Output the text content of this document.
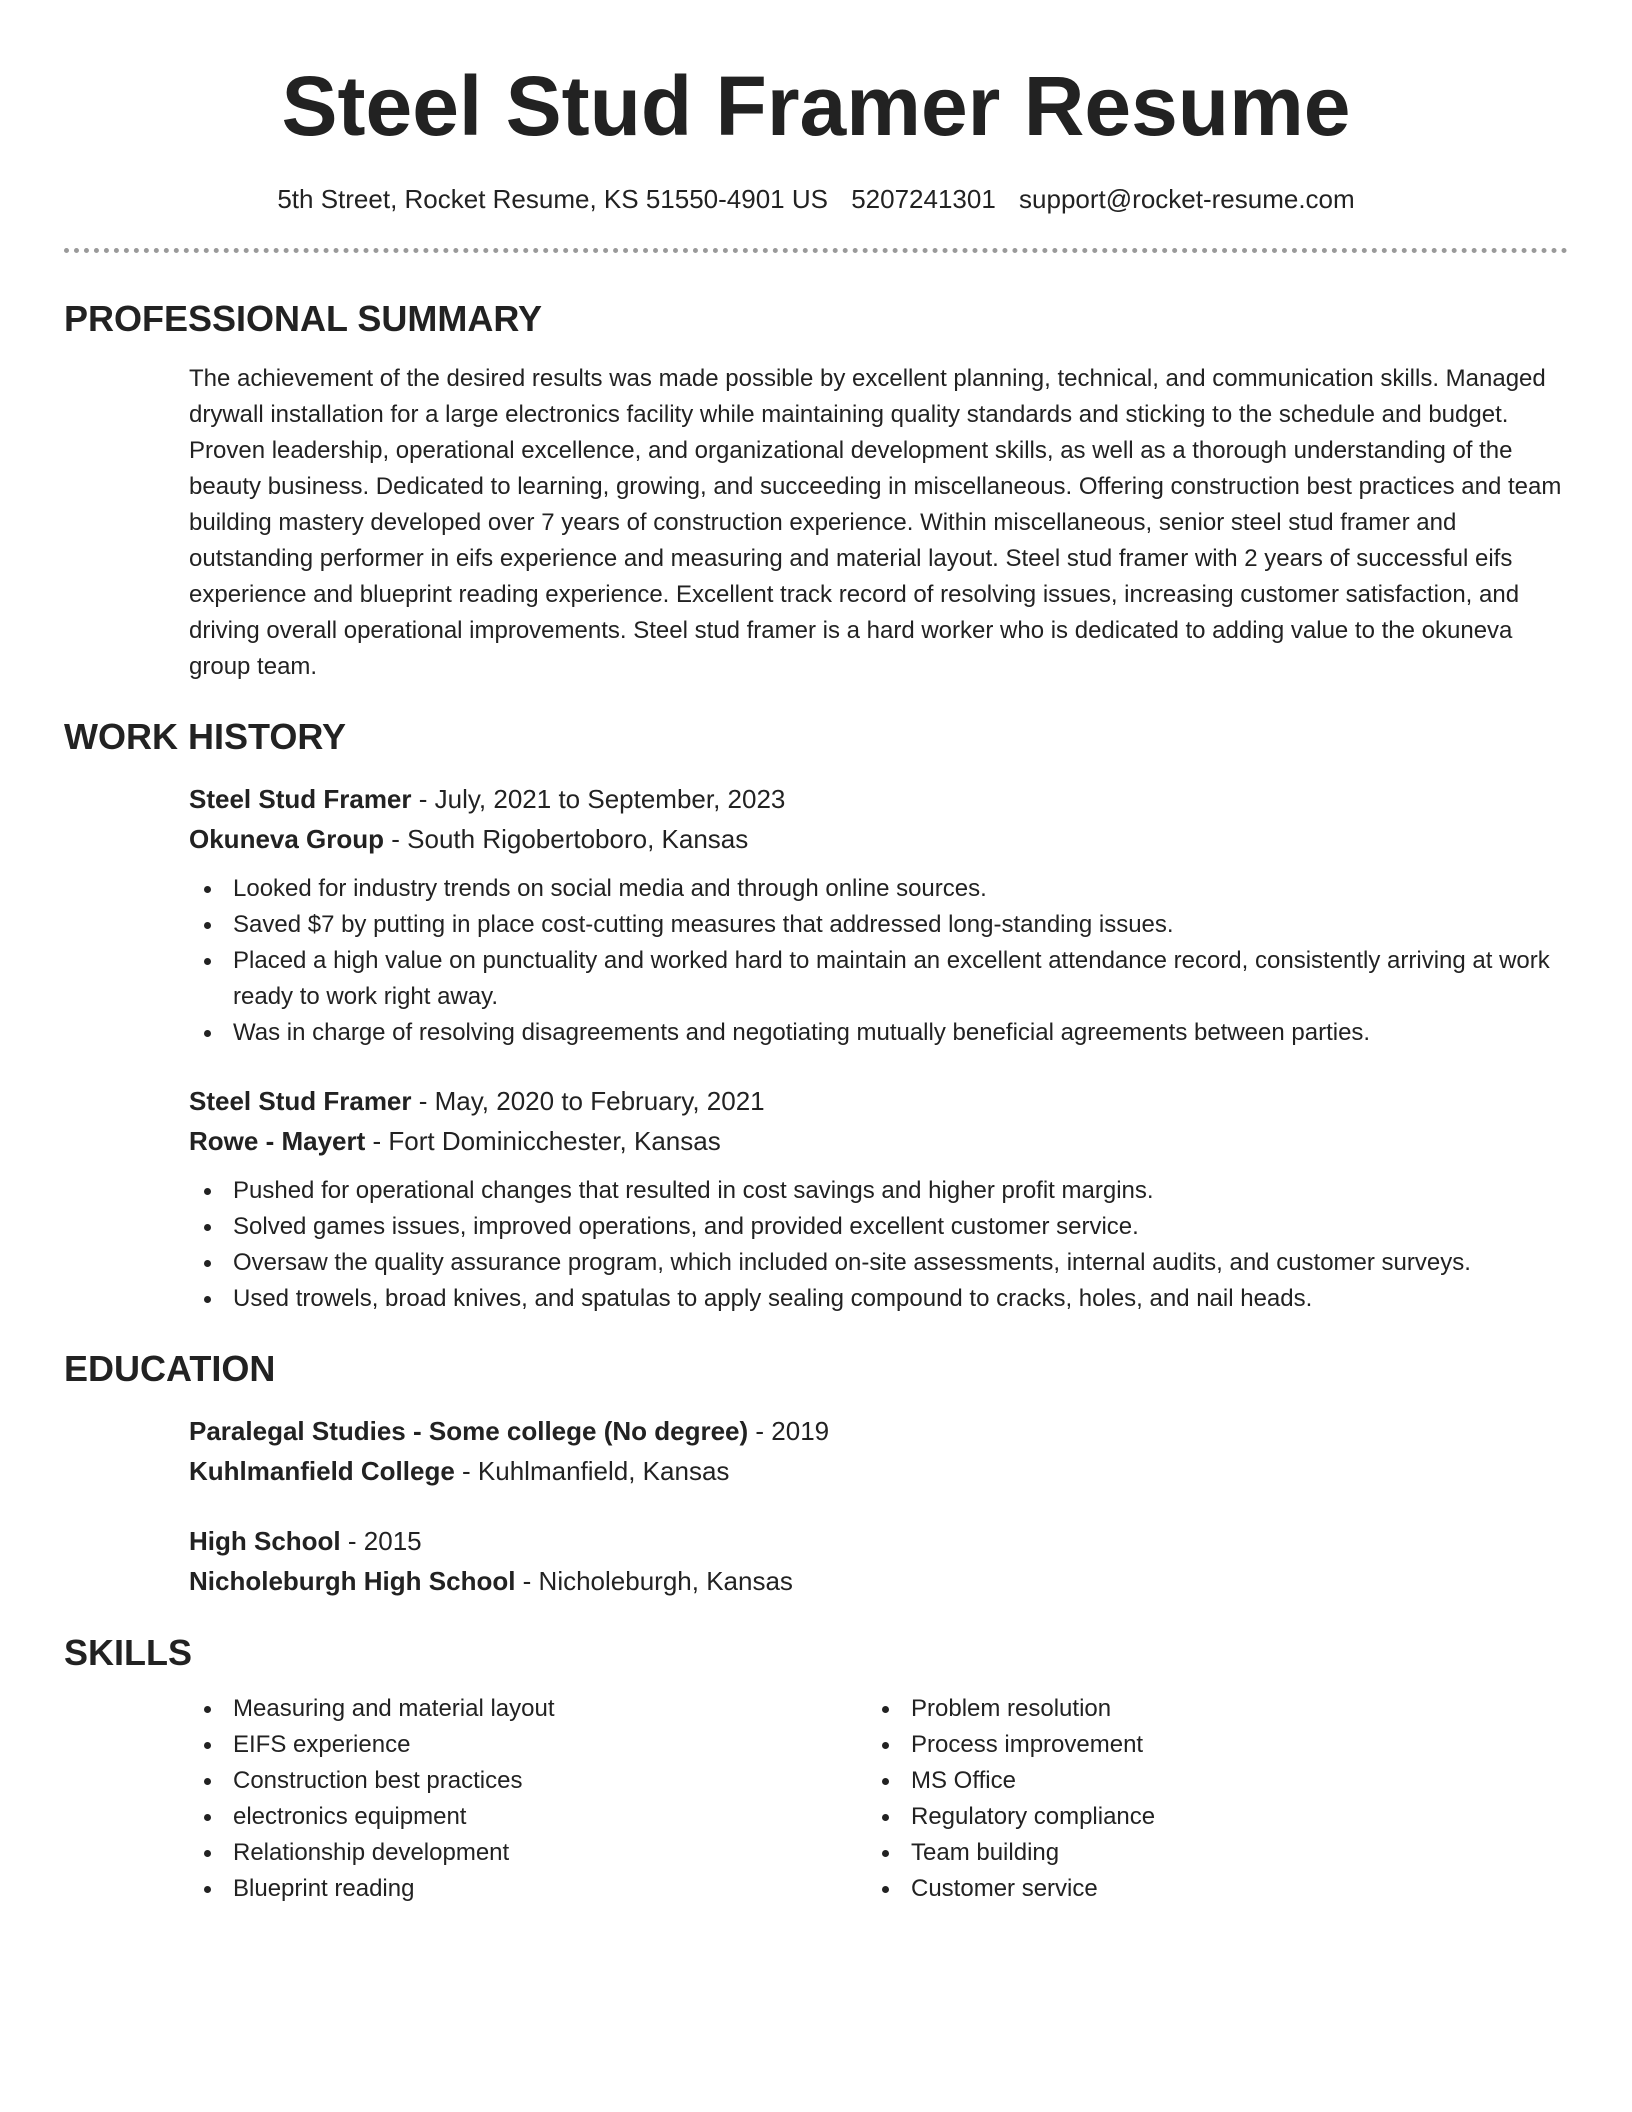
Steel Stud Framer Resume
5th Street, Rocket Resume, KS 51550-4901 US 5207241301 support@rocket-resume.com
PROFESSIONAL SUMMARY
The achievement of the desired results was made possible by excellent planning, technical, and communication skills. Managed drywall installation for a large electronics facility while maintaining quality standards and sticking to the schedule and budget. Proven leadership, operational excellence, and organizational development skills, as well as a thorough understanding of the beauty business. Dedicated to learning, growing, and succeeding in miscellaneous. Offering construction best practices and team building mastery developed over 7 years of construction experience. Within miscellaneous, senior steel stud framer and outstanding performer in eifs experience and measuring and material layout. Steel stud framer with 2 years of successful eifs experience and blueprint reading experience. Excellent track record of resolving issues, increasing customer satisfaction, and driving overall operational improvements. Steel stud framer is a hard worker who is dedicated to adding value to the okuneva group team.
WORK HISTORY
Steel Stud Framer - July, 2021 to September, 2023
Okuneva Group - South Rigobertoboro, Kansas
Looked for industry trends on social media and through online sources.
Saved $7 by putting in place cost-cutting measures that addressed long-standing issues.
Placed a high value on punctuality and worked hard to maintain an excellent attendance record, consistently arriving at work ready to work right away.
Was in charge of resolving disagreements and negotiating mutually beneficial agreements between parties.
Steel Stud Framer - May, 2020 to February, 2021
Rowe - Mayert - Fort Dominicchester, Kansas
Pushed for operational changes that resulted in cost savings and higher profit margins.
Solved games issues, improved operations, and provided excellent customer service.
Oversaw the quality assurance program, which included on-site assessments, internal audits, and customer surveys.
Used trowels, broad knives, and spatulas to apply sealing compound to cracks, holes, and nail heads.
EDUCATION
Paralegal Studies - Some college (No degree) - 2019
Kuhlmanfield College - Kuhlmanfield, Kansas
High School - 2015
Nicholeburgh High School - Nicholeburgh, Kansas
SKILLS
Measuring and material layout
EIFS experience
Construction best practices
electronics equipment
Relationship development
Blueprint reading
Problem resolution
Process improvement
MS Office
Regulatory compliance
Team building
Customer service
